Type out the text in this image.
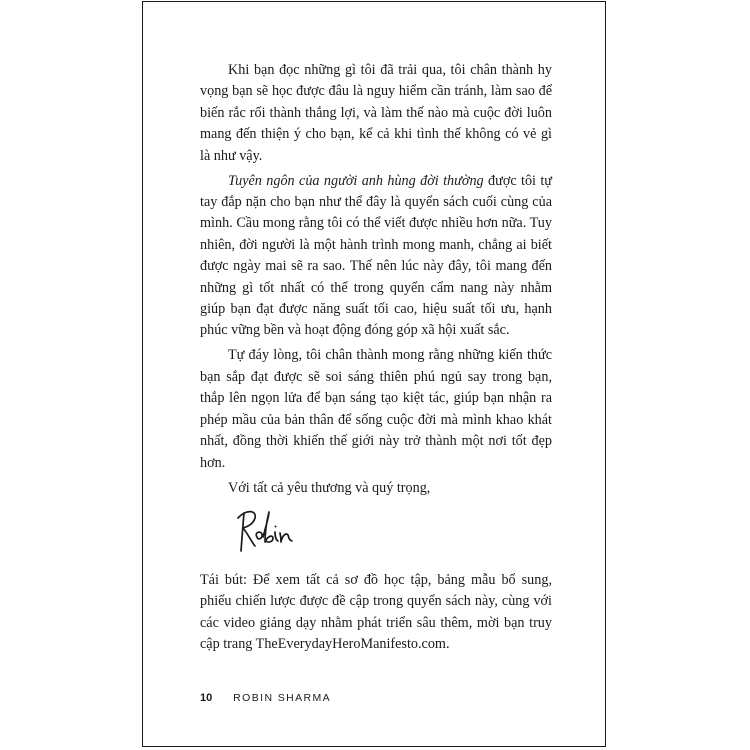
Khi bạn đọc những gì tôi đã trải qua, tôi chân thành hy vọng bạn sẽ học được đâu là nguy hiểm cần tránh, làm sao để biến rắc rối thành thắng lợi, và làm thế nào mà cuộc đời luôn mang đến thiện ý cho bạn, kể cả khi tình thế không có vẻ gì là như vậy.

Tuyên ngôn của người anh hùng đời thường được tôi tự tay đắp nặn cho bạn như thể đây là quyển sách cuối cùng của mình. Cầu mong rằng tôi có thể viết được nhiều hơn nữa. Tuy nhiên, đời người là một hành trình mong manh, chẳng ai biết được ngày mai sẽ ra sao. Thế nên lúc này đây, tôi mang đến những gì tốt nhất có thể trong quyển cẩm nang này nhằm giúp bạn đạt được năng suất tối cao, hiệu suất tối ưu, hạnh phúc vững bền và hoạt động đóng góp xã hội xuất sắc.

Tự đáy lòng, tôi chân thành mong rằng những kiến thức bạn sắp đạt được sẽ soi sáng thiên phú ngủ say trong bạn, thắp lên ngọn lửa để bạn sáng tạo kiệt tác, giúp bạn nhận ra phép mầu của bản thân để sống cuộc đời mà mình khao khát nhất, đồng thời khiến thế giới này trở thành một nơi tốt đẹp hơn.

Với tất cả yêu thương và quý trọng,

Tái bút: Để xem tất cả sơ đồ học tập, bảng mẫu bổ sung, phiếu chiến lược được đề cập trong quyển sách này, cùng với các video giảng dạy nhằm phát triển sâu thêm, mời bạn truy cập trang TheEverydayHeroManifesto.com.

10 ROBIN SHARMA
